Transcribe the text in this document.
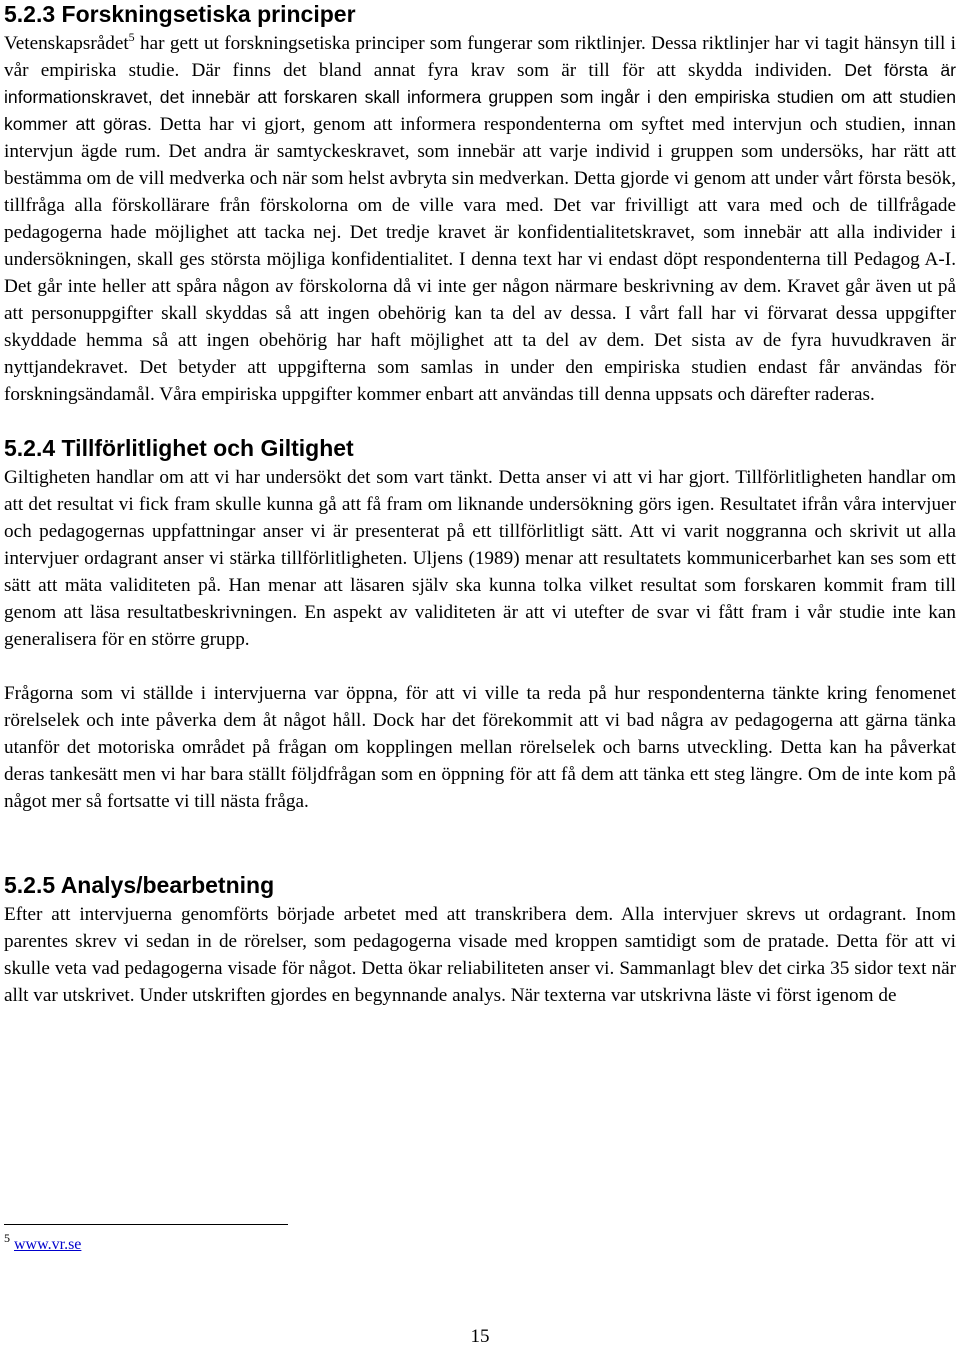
5.2.3 Forskningsetiska principer

Vetenskapsrådet$^5$ har gett ut forskningsetiska principer som fungerar som riktlinjer. Dessa riktlinjer har vi tagit hänsyn till i vår empiriska studie. Där finns det bland annat fyra krav som är till för att skydda individen. Det första är informationskravet, det innebär att forskaren skall informera gruppen som ingår i den empiriska studien om att studien kommer att göras. Detta har vi gjort, genom att informera respondenterna om syftet med intervjun och studien, innan intervjun ägde rum. Det andra är samtyckeskravet, som innebär att varje individ i gruppen som undersöks, har rätt att bestämma om de vill medverka och när som helst avbryta sin medverkan. Detta gjorde vi genom att under vårt första besök, tillfråga alla förskollärare från förskolorna om de ville vara med. Det var frivilligt att vara med och de tillfrågade pedagogerna hade möjlighet att tacka nej. Det tredje kravet är konfidentialitetskravet, som innebär att alla individer i undersökningen, skall ges största möjliga konfidentialitet. I denna text har vi endast döpt respondenterna till Pedagog A-I. Det går inte heller att spåra någon av förskolorna då vi inte ger någon närmare beskrivning av dem. Kravet går även ut på att personuppgifter skall skyddas så att ingen obehörig kan ta del av dessa. I vårt fall har vi förvarat dessa uppgifter skyddade hemma så att ingen obehörig har haft möjlighet att ta del av dem. Det sista av de fyra huvudkraven är nyttjandekravet. Det betyder att uppgifterna som samlas in under den empiriska studien endast får användas för forskningsändamål. Våra empiriska uppgifter kommer enbart att användas till denna uppsats och därefter raderas.

5.2.4 Tillförlitlighet och Giltighet

Giltigheten handlar om att vi har undersökt det som vart tänkt. Detta anser vi att vi har gjort. Tillförlitligheten handlar om att det resultat vi fick fram skulle kunna gå att få fram om liknande undersökning görs igen. Resultatet ifrån våra intervjuer och pedagogernas uppfattningar anser vi är presenterat på ett tillförlitligt sätt. Att vi varit noggranna och skrivit ut alla intervjuer ordagrant anser vi stärka tillförlitligheten. Uljens (1989) menar att resultatets kommunicerbarhet kan ses som ett sätt att mäta validiteten på. Han menar att läsaren själv ska kunna tolka vilket resultat som forskaren kommit fram till genom att läsa resultatbeskrivningen. En aspekt av validiteten är att vi utefter de svar vi fått fram i vår studie inte kan generalisera för en större grupp.

Frågorna som vi ställde i intervjuerna var öppna, för att vi ville ta reda på hur respondenterna tänkte kring fenomenet rörelselek och inte påverka dem åt något håll. Dock har det förekommit att vi bad några av pedagogerna att gärna tänka utanför det motoriska området på frågan om kopplingen mellan rörelselek och barns utveckling. Detta kan ha påverkat deras tankesätt men vi har bara ställt följdfrågan som en öppning för att få dem att tänka ett steg längre. Om de inte kom på något mer så fortsatte vi till nästa fråga.

5.2.5 Analys/bearbetning

Efter att intervjuerna genomförts började arbetet med att transkribera dem. Alla intervjuer skrevs ut ordagrant. Inom parentes skrev vi sedan in de rörelser, som pedagogerna visade med kroppen samtidigt som de pratade. Detta för att vi skulle veta vad pedagogerna visade för något. Detta ökar reliabiliteten anser vi. Sammanlagt blev det cirka 35 sidor text när allt var utskrivet. Under utskriften gjordes en begynnande analys. När texterna var utskrivna läste vi först igenom de

$^5$ www.vr.se
15
